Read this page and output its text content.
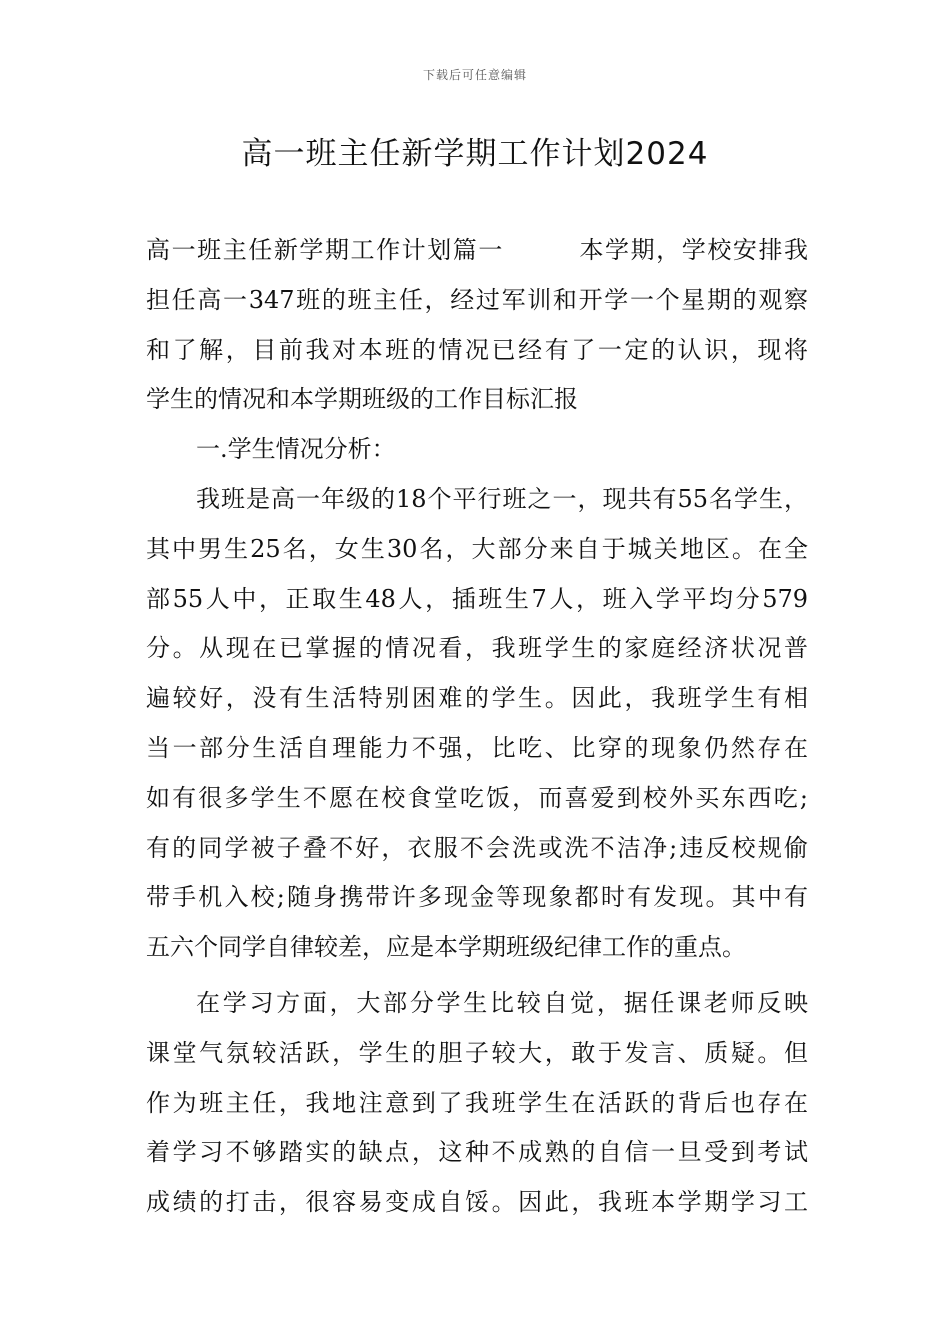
下载后可任意编辑
高一班主任新学期工作计划2024
高一班主任新学期工作计划篇一	本学期，学校安排我
担任高一347班的班主任，经过军训和开学一个星期的观察
和了解，目前我对本班的情况已经有了一定的认识，现将
学生的情况和本学期班级的工作目标汇报
一.学生情况分析：
我班是高一年级的18个平行班之一，现共有55名学生，
其中男生25名，女生30名，大部分来自于城关地区。在全
部55人中，正取生48人，插班生7人，班入学平均分579
分。从现在已掌握的情况看，我班学生的家庭经济状况普
遍较好，没有生活特别困难的学生。因此，我班学生有相
当一部分生活自理能力不强，比吃、比穿的现象仍然存在
如有很多学生不愿在校食堂吃饭，而喜爱到校外买东西吃;
有的同学被子叠不好，衣服不会洗或洗不洁净;违反校规偷
带手机入校;随身携带许多现金等现象都时有发现。其中有
五六个同学自律较差，应是本学期班级纪律工作的重点。
在学习方面，大部分学生比较自觉，据任课老师反映
课堂气氛较活跃，学生的胆子较大，敢于发言、质疑。但
作为班主任，我地注意到了我班学生在活跃的背后也存在
着学习不够踏实的缺点，这种不成熟的自信一旦受到考试
成绩的打击，很容易变成自馁。因此，我班本学期学习工
